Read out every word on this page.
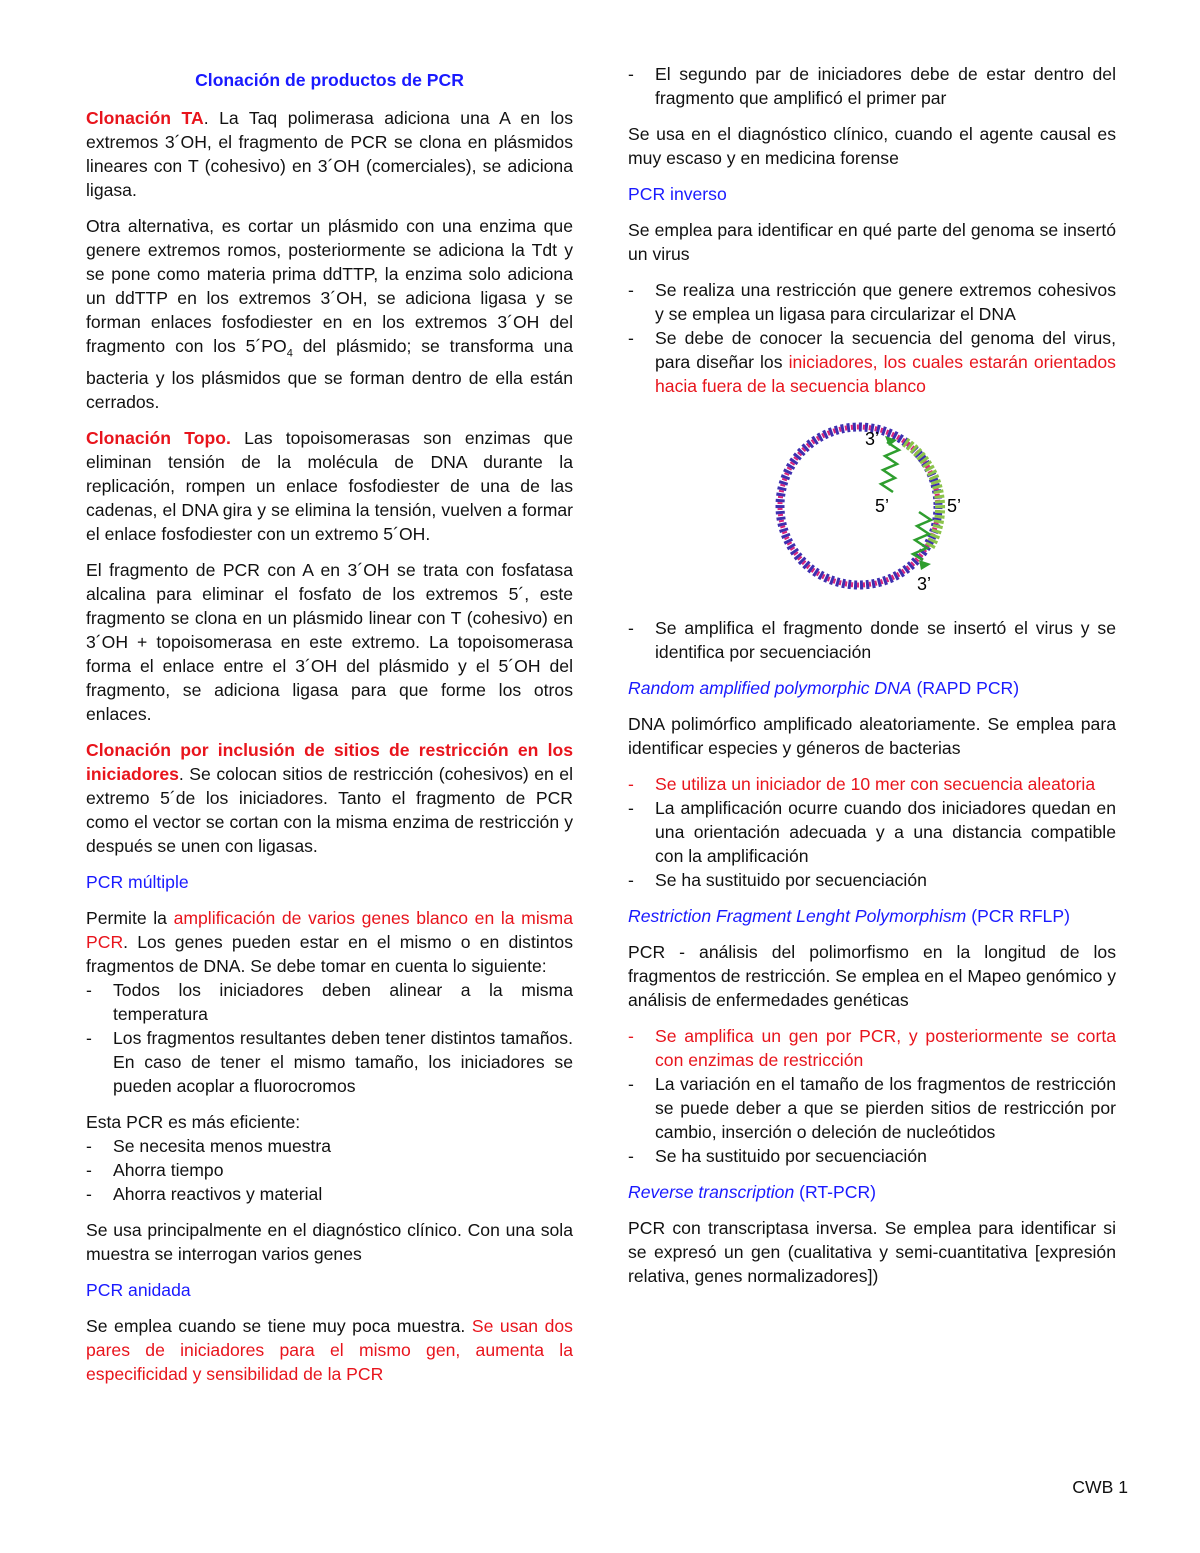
Clonación de productos de PCR

Clonación TA. La Taq polimerasa adiciona una A en los extremos 3´OH, el fragmento de PCR se clona en plásmidos lineares con T (cohesivo) en 3´OH (comerciales), se adiciona ligasa.

Otra alternativa, es cortar un plásmido con una enzima que genere extremos romos, posteriormente se adiciona la Tdt y se pone como materia prima ddTTP, la enzima solo adiciona un ddTTP en los extremos 3´OH, se adiciona ligasa y se forman enlaces fosfodiester en en los extremos 3´OH del fragmento con los $5´PO_4$ del plásmido; se transforma una bacteria y los plásmidos que se forman dentro de ella están cerrados.

Clonación Topo. Las topoisomerasas son enzimas que eliminan tensión de la molécula de DNA durante la replicación, rompen un enlace fosfodiester de una de las cadenas, el DNA gira y se elimina la tensión, vuelven a formar el enlace fosfodiester con un extremo 5´OH.

El fragmento de PCR con A en 3´OH se trata con fosfatasa alcalina para eliminar el fosfato de los extremos 5´, este fragmento se clona en un plásmido linear con T (cohesivo) en 3´OH + topoisomerasa en este extremo. La topoisomerasa forma el enlace entre el 3´OH del plásmido y el 5´OH del fragmento, se adiciona ligasa para que forme los otros enlaces.

Clonación por inclusión de sitios de restricción en los iniciadores. Se colocan sitios de restricción (cohesivos) en el extremo 5´de los iniciadores. Tanto el fragmento de PCR como el vector se cortan con la misma enzima de restricción y después se unen con ligasas.

PCR múltiple

Permite la amplificación de varios genes blanco en la misma PCR. Los genes pueden estar en el mismo o en distintos fragmentos de DNA. Se debe tomar en cuenta lo siguiente:

- Todos los iniciadores deben alinear a la misma temperatura
- Los fragmentos resultantes deben tener distintos tamaños. En caso de tener el mismo tamaño, los iniciadores se pueden acoplar a fluorocromos
Esta PCR es más eficiente:
- Se necesita menos muestra
- Ahorra tiempo
- Ahorra reactivos y material

Se usa principalmente en el diagnóstico clínico. Con una sola muestra se interrogan varios genes

PCR anidada

Se emplea cuando se tiene muy poca muestra. Se usan dos pares de iniciadores para el mismo gen, aumenta la especificidad y sensibilidad de la PCR

- El segundo par de iniciadores debe de estar dentro del fragmento que amplificó el primer par

Se usa en el diagnóstico clínico, cuando el agente causal es muy escaso y en medicina forense

PCR inverso

Se emplea para identificar en qué parte del genoma se insertó un virus

- Se realiza una restricción que genere extremos cohesivos y se emplea un ligasa para circularizar el DNA
- Se debe de conocer la secuencia del genoma del virus, para diseñar los iniciadores, los cuales estarán orientados hacia fuera de la secuencia blanco
3’
5’	5’
3’
- Se amplifica el fragmento donde se insertó el virus y se identifica por secuenciación
Random amplified polymorphic DNA (RAPD PCR)

DNA polimórfico amplificado aleatoriamente. Se emplea para identificar especies y géneros de bacterias

- Se utiliza un iniciador de 10 mer con secuencia aleatoria
- La amplificación ocurre cuando dos iniciadores quedan en una orientación adecuada y a una distancia compatible con la amplificación
- Se ha sustituido por secuenciación
Restriction Fragment Lenght Polymorphism (PCR RFLP)

PCR - análisis del polimorfismo en la longitud de los fragmentos de restricción. Se emplea en el Mapeo genómico y análisis de enfermedades genéticas

- Se amplifica un gen por PCR, y posteriormente se corta con enzimas de restricción
- La variación en el tamaño de los fragmentos de restricción se puede deber a que se pierden sitios de restricción por cambio, inserción o deleción de nucleótidos
- Se ha sustituido por secuenciación
Reverse transcription (RT-PCR)

PCR con transcriptasa inversa. Se emplea para identificar si se expresó un gen (cualitativa y semi-cuantitativa [expresión relativa, genes normalizadores])

CWB 1
